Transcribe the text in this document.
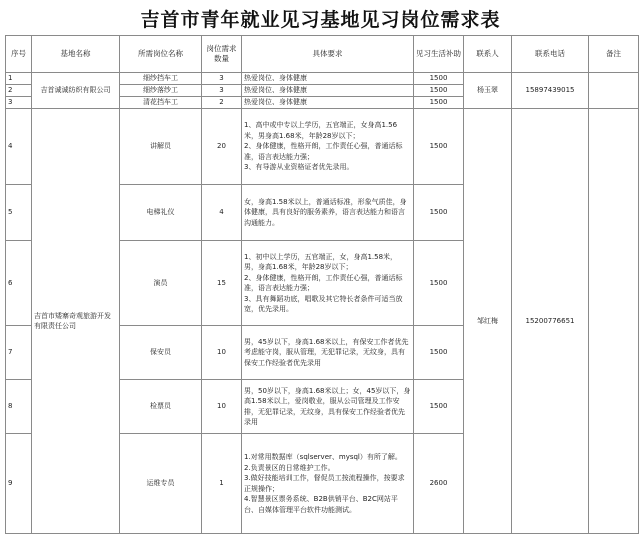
吉首市青年就业见习基地见习岗位需求表
序号	基地名称	所需岗位名称	岗位需求数量	具体要求	见习生活补助	联系人	联系电话	备注
1	吉首诚诚纺织有限公司	细纱挡车工	3	热爱岗位、身体健康	1500	杨玉翠	15897439015	
2		细纱落纱工	3	热爱岗位、身体健康	1500			
3		清花挡车工	2	热爱岗位、身体健康	1500			
4	吉首市矮寨奇观旅游开发有限责任公司	讲解员	20	1、高中或中专以上学历，五官端正，女身高1.56米，男身高1.68米，年龄28岁以下；
2、身体健康，性格开朗，工作责任心强，普通话标准，语言表达能力强；
3、有导游从业资格证者优先录用。	1500	邹红梅	15200776651	
5		电梯礼仪	4	女，身高1.58米以上，普通话标准，形象气质佳，身体健康，具有良好的服务素养，语言表达能力和语言沟通能力。	1500			
6		演员	15	1、初中以上学历，五官端正，女，身高1.58米，男，身高1.68米，年龄28岁以下；
2、身体健康，性格开朗，工作责任心强，普通话标准，语言表达能力强；
3、具有舞蹈功底，唱歌及其它特长者条件可适当放宽，优先录用。	1500			
7		保安员	10	男，45岁以下，身高1.68米以上，有保安工作者优先考虑能守岗，服从管理，无犯罪记录，无纹身，具有保安工作经验者优先录用	1500			
8		检票员	10	男，50岁以下，身高1.68米以上；女，45岁以下，身高1.58米以上，爱岗敬业，服从公司管理及工作安排，无犯罪记录，无纹身，具有保安工作经验者优先录用	1500			
9		运维专员	1	1.对常用数据库（sqlserver、mysql）有所了解。
2.负责景区的日常维护工作。
3.做好技能培训工作，督促员工按流程操作，按要求正规操作；
4.智慧景区票务系统、B2B供销平台、B2C网站平台、自媒体管理平台软件功能测试。	2600			
